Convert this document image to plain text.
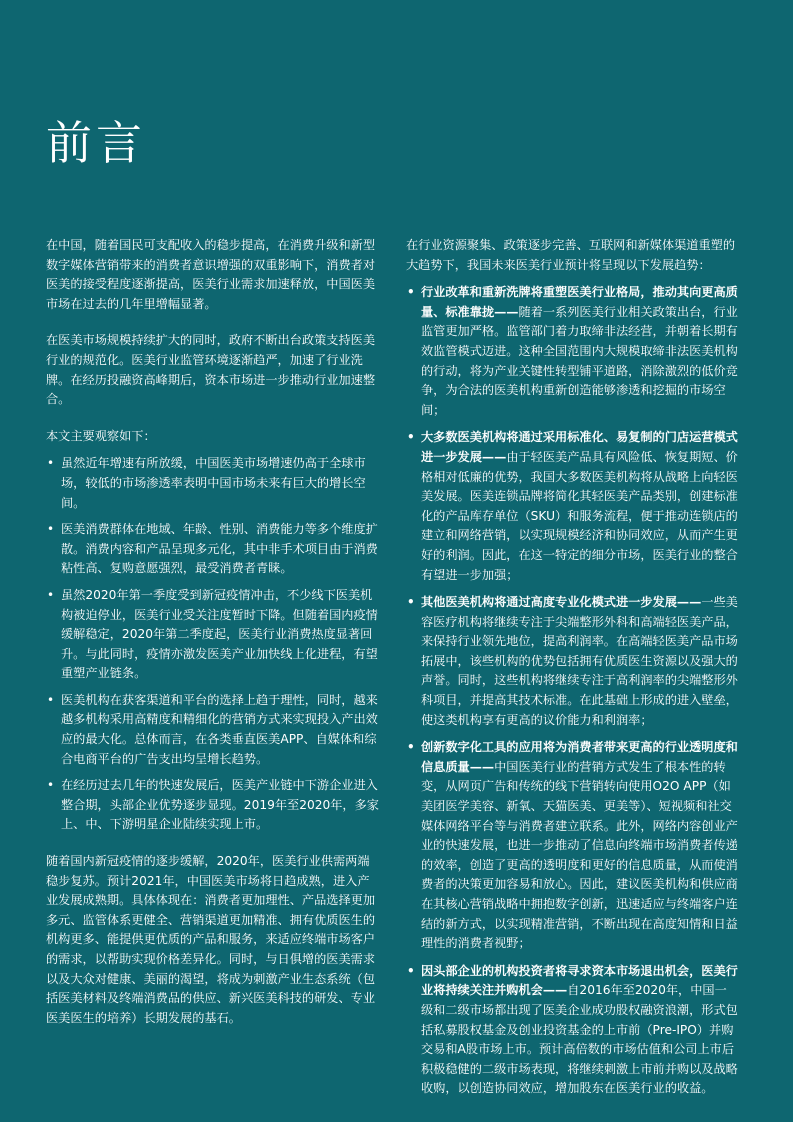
前言

在中国，随着国民可支配收入的稳步提高，在消费升级和新型数字媒体营销带来的消费者意识增强的双重影响下，消费者对医美的接受程度逐渐提高，医美行业需求加速释放，中国医美市场在过去的几年里增幅显著。

在医美市场规模持续扩大的同时，政府不断出台政策支持医美行业的规范化。医美行业监管环境逐渐趋严，加速了行业洗牌。在经历投融资高峰期后，资本市场进一步推动行业加速整合。

本文主要观察如下：

• 虽然近年增速有所放缓，中国医美市场增速仍高于全球市场，较低的市场渗透率表明中国市场未来有巨大的增长空间。
• 医美消费群体在地域、年龄、性别、消费能力等多个维度扩散。消费内容和产品呈现多元化，其中非手术项目由于消费粘性高、复购意愿强烈，最受消费者青睐。
• 虽然2020年第一季度受到新冠疫情冲击，不少线下医美机构被迫停业，医美行业受关注度暂时下降。但随着国内疫情缓解稳定，2020年第二季度起，医美行业消费热度显著回升。与此同时，疫情亦激发医美产业加快线上化进程，有望重塑产业链条。
• 医美机构在获客渠道和平台的选择上趋于理性，同时，越来越多机构采用高精度和精细化的营销方式来实现投入产出效应的最大化。总体而言，在各类垂直医美APP、自媒体和综合电商平台的广告支出均呈增长趋势。
• 在经历过去几年的快速发展后，医美产业链中下游企业进入整合期，头部企业优势逐步显现。2019年至2020年，多家上、中、下游明星企业陆续实现上市。

随着国内新冠疫情的逐步缓解，2020年，医美行业供需两端稳步复苏。预计2021年，中国医美市场将日趋成熟，进入产业发展成熟期。具体体现在：消费者更加理性、产品选择更加多元、监管体系更健全、营销渠道更加精准、拥有优质医生的机构更多、能提供更优质的产品和服务，来适应终端市场客户的需求，以帮助实现价格差异化。同时，与日俱增的医美需求以及大众对健康、美丽的渴望，将成为刺激产业生态系统（包括医美材料及终端消费品的供应、新兴医美科技的研发、专业医美医生的培养）长期发展的基石。

在行业资源聚集、政策逐步完善、互联网和新媒体渠道重塑的大趋势下，我国未来医美行业预计将呈现以下发展趋势：

• 行业改革和重新洗牌将重塑医美行业格局，推动其向更高质量、标准靠拢——随着一系列医美行业相关政策出台，行业监管更加严格。监管部门着力取缔非法经营，并朝着长期有效监管模式迈进。这种全国范围内大规模取缔非法医美机构的行动，将为产业关键性转型铺平道路，消除激烈的低价竞争，为合法的医美机构重新创造能够渗透和挖掘的市场空间；
• 大多数医美机构将通过采用标准化、易复制的门店运营模式进一步发展——由于轻医美产品具有风险低、恢复期短、价格相对低廉的优势，我国大多数医美机构将从战略上向轻医美发展。医美连锁品牌将简化其轻医美产品类别，创建标准化的产品库存单位（SKU）和服务流程，便于推动连锁店的建立和网络营销，以实现规模经济和协同效应，从而产生更好的利润。因此，在这一特定的细分市场，医美行业的整合有望进一步加强；
• 其他医美机构将通过高度专业化模式进一步发展——一些美容医疗机构将继续专注于尖端整形外科和高端轻医美产品，来保持行业领先地位，提高利润率。在高端轻医美产品市场拓展中，该些机构的优势包括拥有优质医生资源以及强大的声誉。同时，这些机构将继续专注于高利润率的尖端整形外科项目，并提高其技术标准。在此基础上形成的进入壁垒，使这类机构享有更高的议价能力和利润率；
• 创新数字化工具的应用将为消费者带来更高的行业透明度和信息质量——中国医美行业的营销方式发生了根本性的转变，从网页广告和传统的线下营销转向使用O2O APP（如美团医学美容、新氧、天猫医美、更美等）、短视频和社交媒体网络平台等与消费者建立联系。此外，网络内容创业产业的快速发展，也进一步推动了信息向终端市场消费者传递的效率，创造了更高的透明度和更好的信息质量，从而使消费者的决策更加容易和放心。因此，建议医美机构和供应商在其核心营销战略中拥抱数字创新，迅速适应与终端客户连结的新方式，以实现精准营销，不断出现在高度知情和日益理性的消费者视野；
• 因头部企业的机构投资者将寻求资本市场退出机会，医美行业将持续关注并购机会——自2016年至2020年，中国一级和二级市场都出现了医美企业成功股权融资浪潮，形式包括私募股权基金及创业投资基金的上市前（Pre-IPO）并购交易和A股市场上市。预计高倍数的市场估值和公司上市后积极稳健的二级市场表现，将继续刺激上市前并购以及战略收购，以创造协同效应，增加股东在医美行业的收益。
